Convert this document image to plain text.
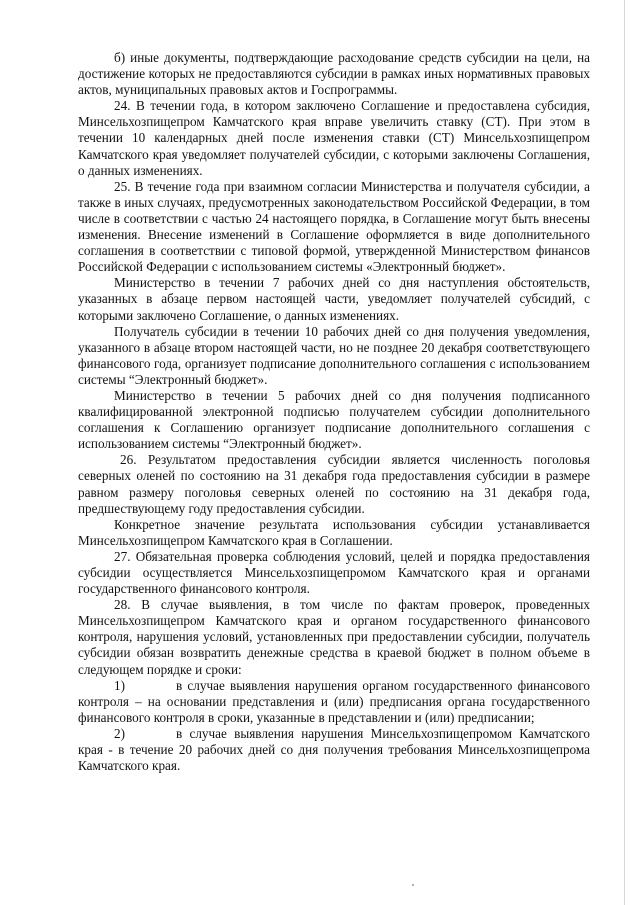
б) иные документы, подтверждающие расходование средств субсидии на цели, на достижение которых не предоставляются субсидии в рамках иных нормативных правовых актов, муниципальных правовых актов и Госпрограммы.

24. В течении года, в котором заключено Соглашение и предоставлена субсидия, Минсельхозпищепром Камчатского края вправе увеличить ставку (СТ). При этом в течении 10 календарных дней после изменения ставки (СТ) Минсельхозпищепром Камчатского края уведомляет получателей субсидии, с которыми заключены Соглашения, о данных изменениях.

25. В течение года при взаимном согласии Министерства и получателя субсидии, а также в иных случаях, предусмотренных законодательством Российской Федерации, в том числе в соответствии с частью 24 настоящего порядка, в Соглашение могут быть внесены изменения. Внесение изменений в Соглашение оформляется в виде дополнительного соглашения в соответствии с типовой формой, утвержденной Министерством финансов Российской Федерации с использованием системы «Электронный бюджет».

Министерство в течении 7 рабочих дней со дня наступления обстоятельств, указанных в абзаце первом настоящей части, уведомляет получателей субсидий, с которыми заключено Соглашение, о данных изменениях.

Получатель субсидии в течении 10 рабочих дней со дня получения уведомления, указанного в абзаце втором настоящей части, но не позднее 20 декабря соответствующего финансового года, организует подписание дополнительного соглашения с использованием системы “Электронный бюджет».

Министерство в течении 5 рабочих дней со дня получения подписанного квалифицированной электронной подписью получателем субсидии дополнительного соглашения к Соглашению организует подписание дополнительного соглашения с использованием системы “Электронный бюджет».

26. Результатом предоставления субсидии является численность поголовья северных оленей по состоянию на 31 декабря года предоставления субсидии в размере равном размеру поголовья северных оленей по состоянию на 31 декабря года, предшествующему году предоставления субсидии.

Конкретное значение результата использования субсидии устанавливается Минсельхозпищепром Камчатского края в Соглашении.

27. Обязательная проверка соблюдения условий, целей и порядка предоставления субсидии осуществляется Минсельхозпищепромом Камчатского края и органами государственного финансового контроля.

28. В случае выявления, в том числе по фактам проверок, проведенных Минсельхозпищепром Камчатского края и органом государственного финансового контроля, нарушения условий, установленных при предоставлении субсидии, получатель субсидии обязан возвратить денежные средства в краевой бюджет в полном объеме в следующем порядке и сроки:

1)	в случае выявления нарушения органом государственного финансового контроля – на основании представления и (или) предписания органа государственного финансового контроля в сроки, указанные в представлении и (или) предписании;

2)	в случае выявления нарушения Минсельхозпищепромом Камчатского края - в течение 20 рабочих дней со дня получения требования Минсельхозпищепрома Камчатского края.
